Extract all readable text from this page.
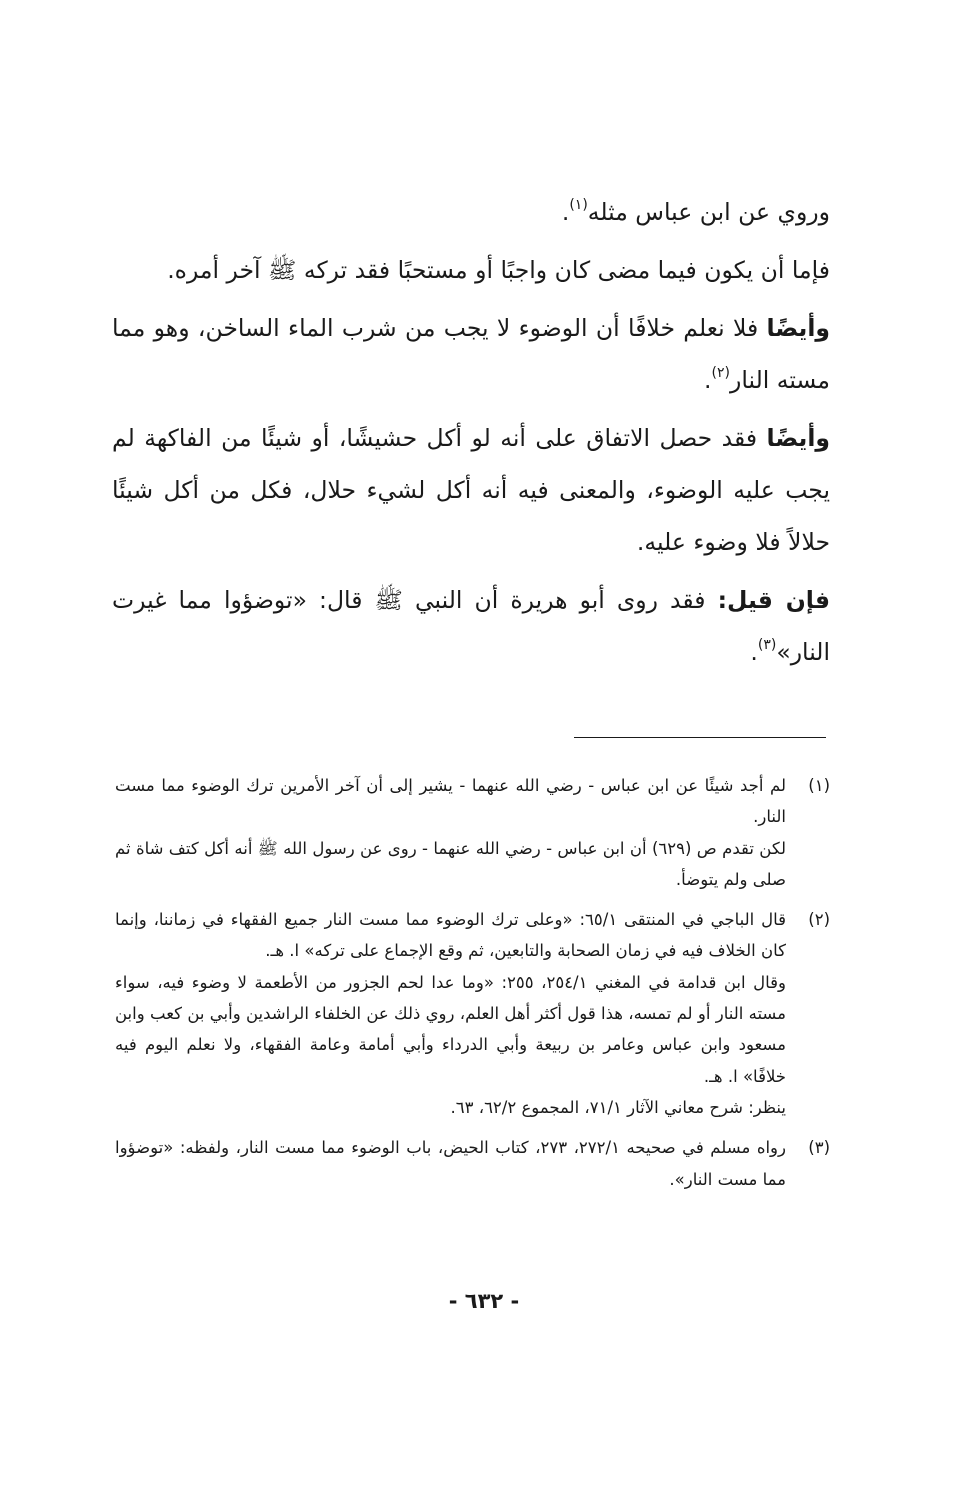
وروي عن ابن عباس مثله$^{(١)}$.

فإما أن يكون فيما مضى كان واجبًا أو مستحبًا فقد تركه ﷺ آخر أمره.

وأيضًا فلا نعلم خلافًا أن الوضوء لا يجب من شرب الماء الساخن، وهو مما مسته النار$^{(٢)}$.

وأيضًا فقد حصل الاتفاق على أنه لو أكل حشيشًا، أو شيئًا من الفاكهة لم يجب عليه الوضوء، والمعنى فيه أنه أكل لشيء حلال، فكل من أكل شيئًا حلالاً فلا وضوء عليه.

فإن قيل: فقد روى أبو هريرة أن النبي ﷺ قال: «توضؤوا مما غيرت النار»$^{(٣)}$.

(١)

لم أجد شيئًا عن ابن عباس - رضي الله عنهما - يشير إلى أن آخر الأمرين ترك الوضوء مما مست النار.

لكن تقدم ص (٦٢٩) أن ابن عباس - رضي الله عنهما - روى عن رسول الله ﷺ أنه أكل كتف شاة ثم صلى ولم يتوضأ.

(٢)

قال الباجي في المنتقى ٦٥/١: «وعلى ترك الوضوء مما مست النار جميع الفقهاء في زماننا، وإنما كان الخلاف فيه في زمان الصحابة والتابعين، ثم وقع الإجماع على تركه» ا. هـ.

وقال ابن قدامة في المغني ٢٥٤/١، ٢٥٥: «وما عدا لحم الجزور من الأطعمة لا وضوء فيه، سواء مسته النار أو لم تمسه، هذا قول أكثر أهل العلم، روي ذلك عن الخلفاء الراشدين وأبي بن كعب وابن مسعود وابن عباس وعامر بن ربيعة وأبي الدرداء وأبي أمامة وعامة الفقهاء، ولا نعلم اليوم فيه خلافًا» ا. هـ.

ينظر: شرح معاني الآثار ٧١/١، المجموع ٦٢/٢، ٦٣.

(٣)

رواه مسلم في صحيحه ٢٧٢/١، ٢٧٣، كتاب الحيض، باب الوضوء مما مست النار، ولفظه: «توضؤوا مما مست النار».

- ٦٣٢ -
